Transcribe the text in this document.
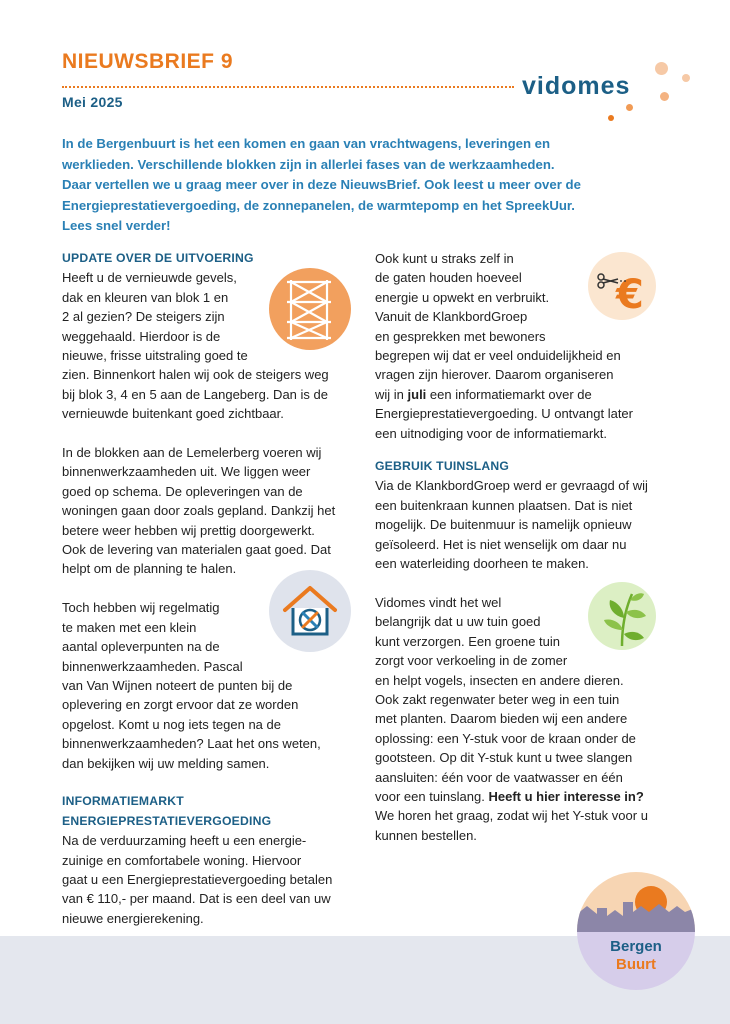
NIEUWSBRIEF 9
Mei 2025
vidomes
In de Bergenbuurt is het een komen en gaan van vrachtwagens, leveringen en
werklieden. Verschillende blokken zijn in allerlei fases van de werkzaamheden.
Daar vertellen we u graag meer over in deze NieuwsBrief. Ook leest u meer over de
Energieprestatievergoeding, de zonnepanelen, de warmtepomp en het SpreekUur.
Lees snel verder!
UPDATE OVER DE UITVOERING
Heeft u de vernieuwde gevels,
dak en kleuren van blok 1 en
2 al gezien? De steigers zijn
weggehaald. Hierdoor is de
nieuwe, frisse uitstraling goed te
zien. Binnenkort halen wij ook de steigers weg
bij blok 3, 4 en 5 aan de Langeberg. Dan is de
vernieuwde buitenkant goed zichtbaar.
In de blokken aan de Lemelerberg voeren wij
binnenwerkzaamheden uit. We liggen weer
goed op schema. De opleveringen van de
woningen gaan door zoals gepland. Dankzij het
betere weer hebben wij prettig doorgewerkt.
Ook de levering van materialen gaat goed. Dat
helpt om de planning te halen.
Toch hebben wij regelmatig
te maken met een klein
aantal opleverpunten na de
binnenwerkzaamheden. Pascal
van Van Wijnen noteert de punten bij de
oplevering en zorgt ervoor dat ze worden
opgelost. Komt u nog iets tegen na de
binnenwerkzaamheden? Laat het ons weten,
dan bekijken wij uw melding samen.
INFORMATIEMARKT
ENERGIEPRESTATIEVERGOEDING
Na de verduurzaming heeft u een energie-
zuinige en comfortabele woning. Hiervoor
gaat u een Energieprestatievergoeding betalen
van € 110,- per maand. Dat is een deel van uw
nieuwe energierekening.
Ook kunt u straks zelf in
de gaten houden hoeveel
energie u opwekt en verbruikt.
Vanuit de KlankbordGroep
en gesprekken met bewoners
begrepen wij dat er veel onduidelijkheid en
vragen zijn hierover. Daarom organiseren
wij in juli een informatiemarkt over de
Energieprestatievergoeding. U ontvangt later
een uitnodiging voor de informatiemarkt.
GEBRUIK TUINSLANG
Via de KlankbordGroep werd er gevraagd of wij
een buitenkraan kunnen plaatsen. Dat is niet
mogelijk. De buitenmuur is namelijk opnieuw
geïsoleerd. Het is niet wenselijk om daar nu
een waterleiding doorheen te maken.
Vidomes vindt het wel
belangrijk dat u uw tuin goed
kunt verzorgen. Een groene tuin
zorgt voor verkoeling in de zomer
en helpt vogels, insecten en andere dieren.
Ook zakt regenwater beter weg in een tuin
met planten. Daarom bieden wij een andere
oplossing: een Y-stuk voor de kraan onder de
gootsteen. Op dit Y-stuk kunt u twee slangen
aansluiten: één voor de vaatwasser en één
voor een tuinslang. Heeft u hier interesse in?
We horen het graag, zodat wij het Y-stuk voor u
kunnen bestellen.
€
Bergen
Buurt
